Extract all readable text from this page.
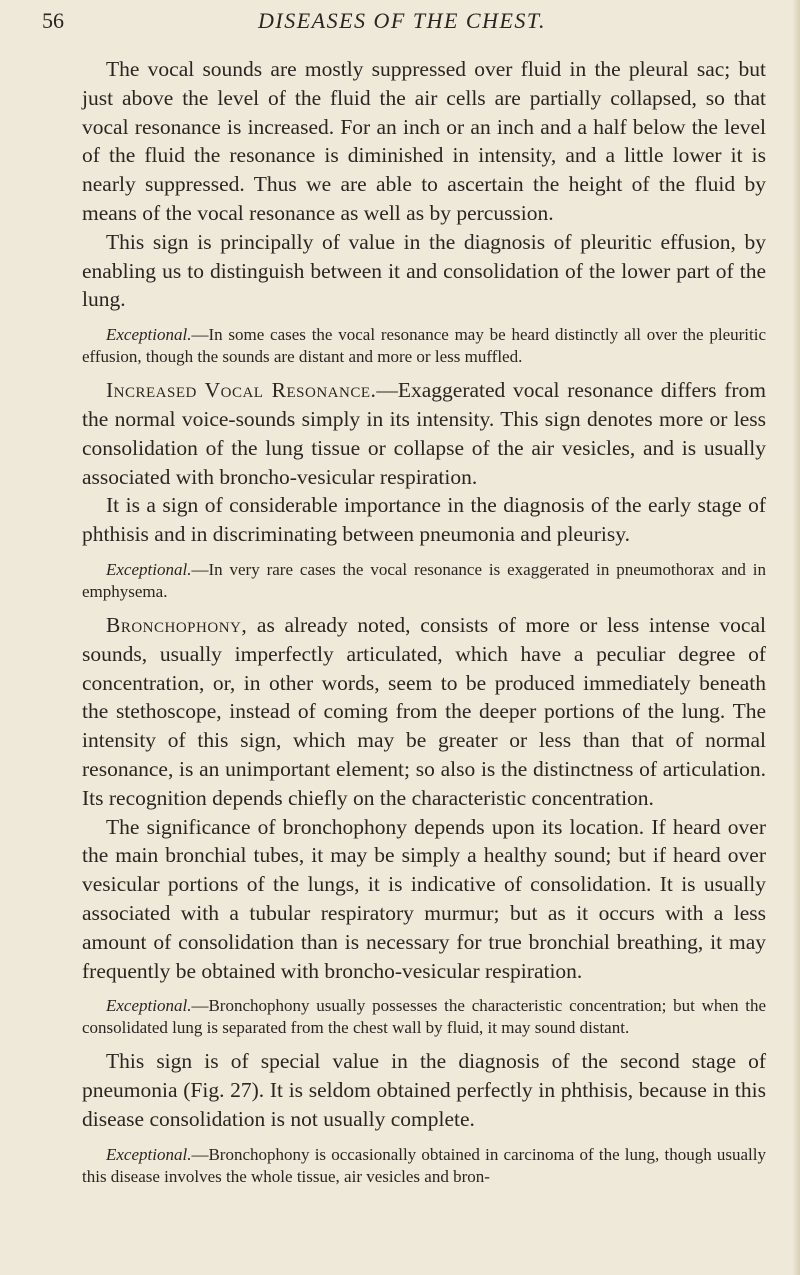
56	DISEASES OF THE CHEST.

The vocal sounds are mostly suppressed over fluid in the pleural sac; but just above the level of the fluid the air cells are partially collapsed, so that vocal resonance is increased. For an inch or an inch and a half below the level of the fluid the resonance is diminished in intensity, and a little lower it is nearly suppressed. Thus we are able to ascertain the height of the fluid by means of the vocal resonance as well as by percussion.

This sign is principally of value in the diagnosis of pleuritic effusion, by enabling us to distinguish between it and consolidation of the lower part of the lung.

Exceptional.—In some cases the vocal resonance may be heard distinctly all over the pleuritic effusion, though the sounds are distant and more or less muffled.

Increased Vocal Resonance.—Exaggerated vocal resonance differs from the normal voice-sounds simply in its intensity. This sign denotes more or less consolidation of the lung tissue or collapse of the air vesicles, and is usually associated with broncho-vesicular respiration.

It is a sign of considerable importance in the diagnosis of the early stage of phthisis and in discriminating between pneumonia and pleurisy.

Exceptional.—In very rare cases the vocal resonance is exaggerated in pneumothorax and in emphysema.

Bronchophony, as already noted, consists of more or less intense vocal sounds, usually imperfectly articulated, which have a peculiar degree of concentration, or, in other words, seem to be produced immediately beneath the stethoscope, instead of coming from the deeper portions of the lung. The intensity of this sign, which may be greater or less than that of normal resonance, is an unimportant element; so also is the distinctness of articulation. Its recognition depends chiefly on the characteristic concentration.

The significance of bronchophony depends upon its location. If heard over the main bronchial tubes, it may be simply a healthy sound; but if heard over vesicular portions of the lungs, it is indicative of consolidation. It is usually associated with a tubular respiratory murmur; but as it occurs with a less amount of consolidation than is necessary for true bronchial breathing, it may frequently be obtained with broncho-vesicular respiration.

Exceptional.—Bronchophony usually possesses the characteristic concentration; but when the consolidated lung is separated from the chest wall by fluid, it may sound distant.

This sign is of special value in the diagnosis of the second stage of pneumonia (Fig. 27). It is seldom obtained perfectly in phthisis, because in this disease consolidation is not usually complete.

Exceptional.—Bronchophony is occasionally obtained in carcinoma of the lung, though usually this disease involves the whole tissue, air vesicles and bron-
